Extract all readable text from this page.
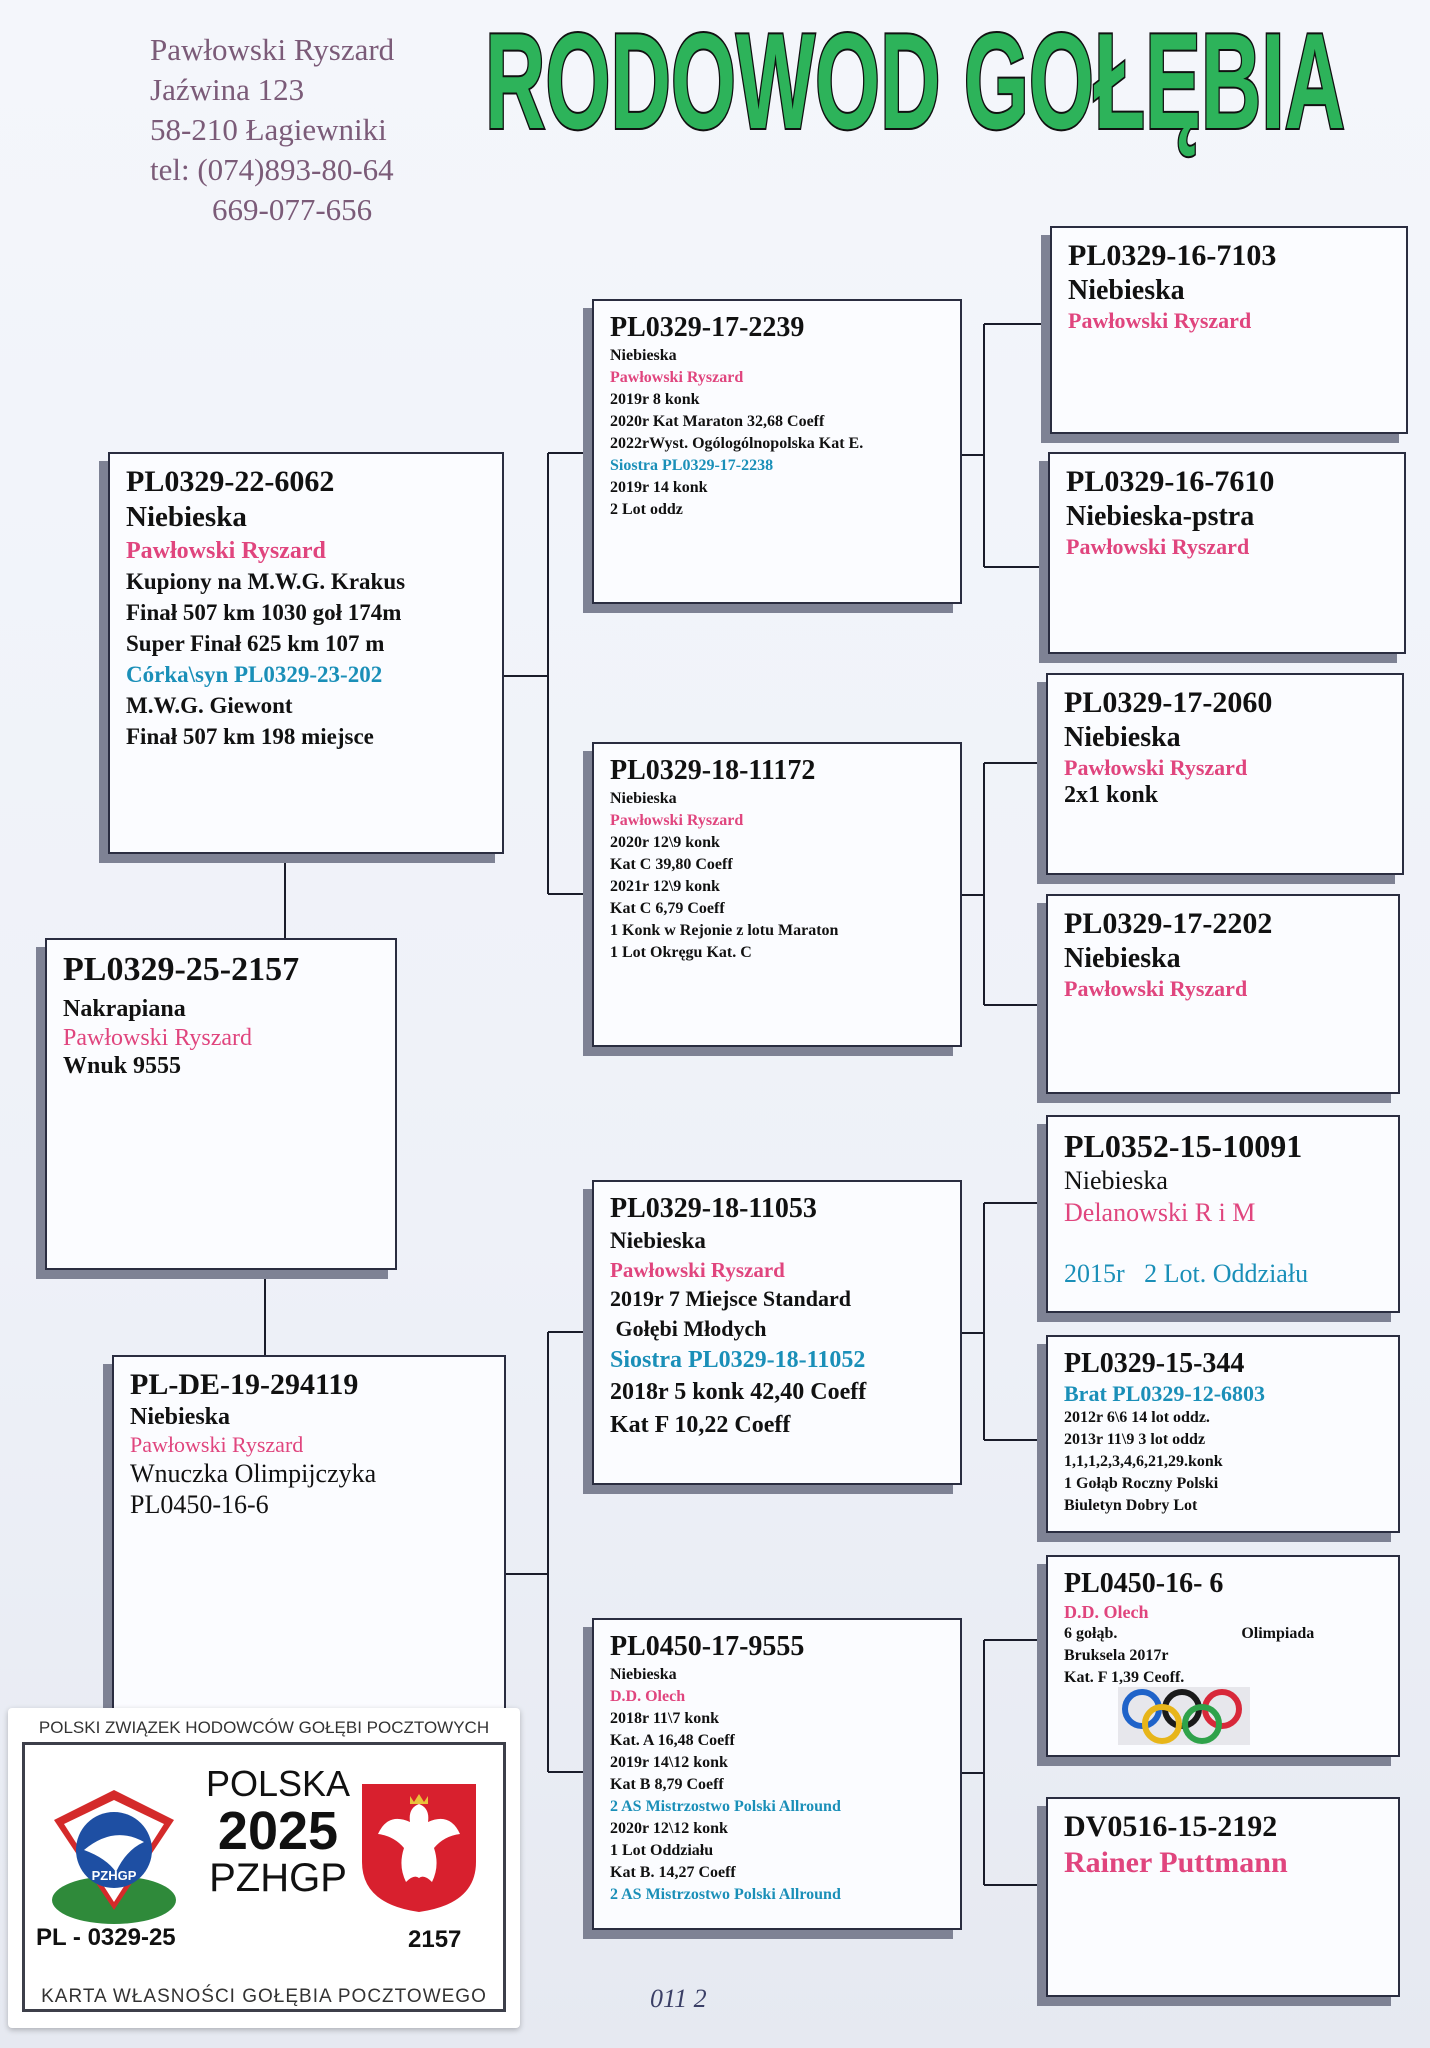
Pawłowski Ryszard
Jaźwina 123
58-210 Łagiewniki
tel: (074)893-80-64
669-077-656
RODOWOD GOŁĘBIA
PL0329-25-2157
Nakrapiana
Pawłowski Ryszard
Wnuk 9555
PL0329-22-6062
Niebieska
Pawłowski Ryszard
Kupiony na M.W.G. Krakus
Finał 507 km 1030 goł 174m
Super Finał 625 km 107 m
Córka\syn PL0329-23-202
M.W.G. Giewont
Finał 507 km 198 miejsce
PL-DE-19-294119
Niebieska
Pawłowski Ryszard
Wnuczka Olimpijczyka
PL0450-16-6
PL0329-17-2239
Niebieska
Pawłowski Ryszard
2019r 8 konk
2020r Kat Maraton 32,68 Coeff
2022rWyst. Ogólogólnopolska Kat E.
Siostra PL0329-17-2238
2019r 14 konk
2 Lot oddz
PL0329-18-11172
Niebieska
Pawłowski Ryszard
2020r 12\9 konk
Kat C 39,80 Coeff
2021r 12\9 konk
Kat C 6,79 Coeff
1 Konk w Rejonie z lotu Maraton
1 Lot Okręgu Kat. C
PL0329-18-11053
Niebieska
Pawłowski Ryszard
2019r 7 Miejsce Standard
Gołębi Młodych
Siostra PL0329-18-11052
2018r 5 konk 42,40 Coeff
Kat F 10,22 Coeff
PL0450-17-9555
Niebieska
D.D. Olech
2018r 11\7 konk
Kat. A 16,48 Coeff
2019r 14\12 konk
Kat B 8,79 Coeff
2 AS Mistrzostwo Polski Allround
2020r 12\12 konk
1 Lot Oddziału
Kat B. 14,27 Coeff
2 AS Mistrzostwo Polski Allround
PL0329-16-7103
Niebieska
Pawłowski Ryszard
PL0329-16-7610
Niebieska-pstra
Pawłowski Ryszard
PL0329-17-2060
Niebieska
Pawłowski Ryszard
2x1 konk
PL0329-17-2202
Niebieska
Pawłowski Ryszard
PL0352-15-10091
Niebieska
Delanowski R i M
2015r   2 Lot. Oddziału
PL0329-15-344
Brat PL0329-12-6803
2012r 6\6 14 lot oddz.
2013r 11\9 3 lot oddz
1,1,1,2,3,4,6,21,29.konk
1 Gołąb Roczny Polski
Biuletyn Dobry Lot
PL0450-16- 6
D.D. Olech
6 gołąb.	Olimpiada
Bruksela 2017r
Kat. F 1,39 Ceoff.
DV0516-15-2192
Rainer Puttmann
POLSKI ZWIĄZEK HODOWCÓW GOŁĘBI POCZTOWYCH
PZHGP
POLSKA
2025
PZHGP
PL - 0329-25	2157
KARTA WŁASNOŚCI GOŁĘBIA POCZTOWEGO	011 2
